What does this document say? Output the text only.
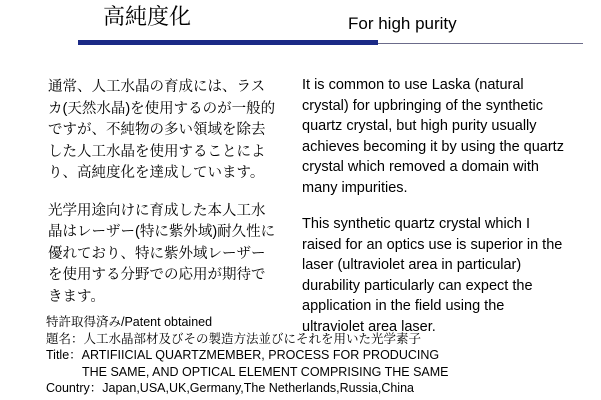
高純度化	For high purity

通常、人工水晶の育成には、ラスカ(天然水晶)を使用するのが一般的ですが、不純物の多い領域を除去した人工水晶を使用することにより、高純度化を達成しています。

光学用途向けに育成した本人工水晶はレーザー(特に紫外域)耐久性に優れており、特に紫外域レーザーを使用する分野での応用が期待できます。

It is common to use Laska (natural crystal) for upbringing of the synthetic quartz crystal, but high purity usually achieves becoming it by using the quartz crystal which removed a domain with many impurities.

This synthetic quartz crystal which I raised for an optics use is superior in the laser (ultraviolet area in particular) durability particularly can expect the application in the field using the ultraviolet area laser.

特許取得済み/Patent obtained

題名：人工水晶部材及びその製造方法並びにそれを用いた光学素子

Title：ARTIFIICIAL QUARTZMEMBER, PROCESS FOR PRODUCING

THE SAME, AND OPTICAL ELEMENT COMPRISING THE SAME

Country：Japan,USA,UK,Germany,The Netherlands,Russia,China
